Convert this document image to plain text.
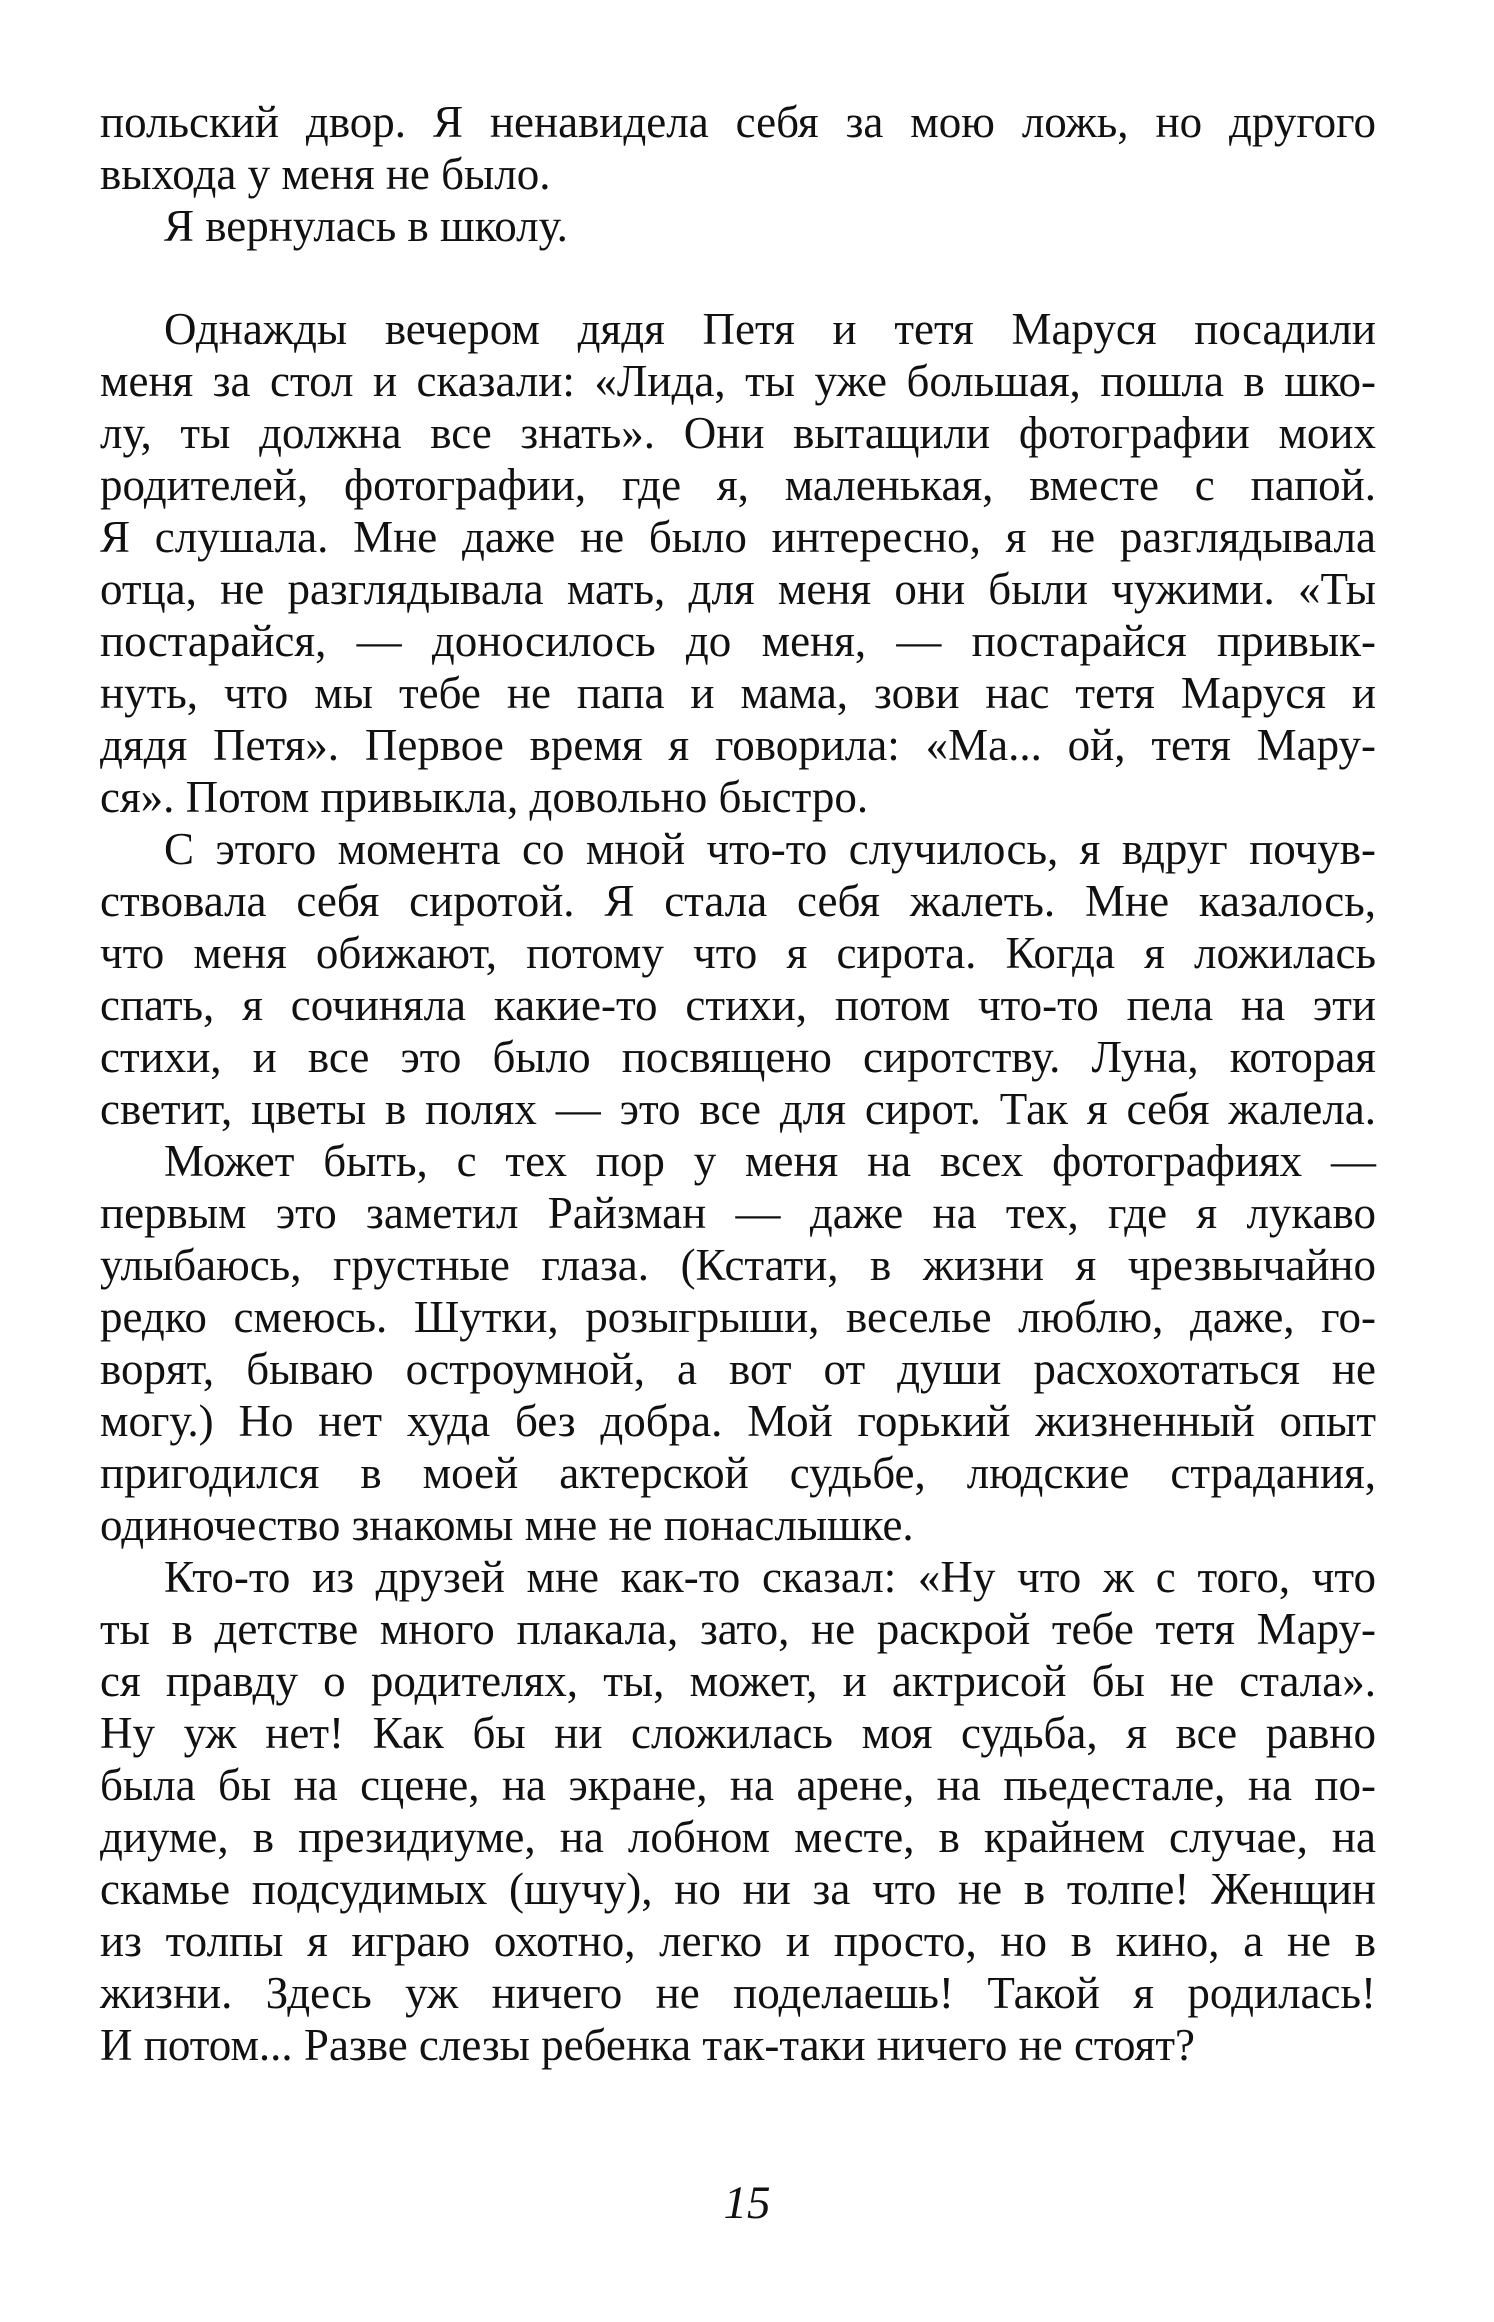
польский двор. Я ненавидела себя за мою ложь, но другого
выхода у меня не было.
Я вернулась в школу.
Однажды вечером дядя Петя и тетя Маруся посадили
меня за стол и сказали: «Лида, ты уже большая, пошла в шко-
лу, ты должна все знать». Они вытащили фотографии моих
родителей, фотографии, где я, маленькая, вместе с папой.
Я слушала. Мне даже не было интересно, я не разглядывала
отца, не разглядывала мать, для меня они были чужими. «Ты
постарайся, — доносилось до меня, — постарайся привык-
нуть, что мы тебе не папа и мама, зови нас тетя Маруся и
дядя Петя». Первое время я говорила: «Ма... ой, тетя Мару-
ся». Потом привыкла, довольно быстро.
С этого момента со мной что-то случилось, я вдруг почув-
ствовала себя сиротой. Я стала себя жалеть. Мне казалось,
что меня обижают, потому что я сирота. Когда я ложилась
спать, я сочиняла какие-то стихи, потом что-то пела на эти
стихи, и все это было посвящено сиротству. Луна, которая
светит, цветы в полях — это все для сирот. Так я себя жалела.
Может быть, с тех пор у меня на всех фотографиях —
первым это заметил Райзман — даже на тех, где я лукаво
улыбаюсь, грустные глаза. (Кстати, в жизни я чрезвычайно
редко смеюсь. Шутки, розыгрыши, веселье люблю, даже, го-
ворят, бываю остроумной, а вот от души расхохотаться не
могу.) Но нет худа без добра. Мой горький жизненный опыт
пригодился в моей актерской судьбе, людские страдания,
одиночество знакомы мне не понаслышке.
Кто-то из друзей мне как-то сказал: «Ну что ж с того, что
ты в детстве много плакала, зато, не раскрой тебе тетя Мару-
ся правду о родителях, ты, может, и актрисой бы не стала».
Ну уж нет! Как бы ни сложилась моя судьба, я все равно
была бы на сцене, на экране, на арене, на пьедестале, на по-
диуме, в президиуме, на лобном месте, в крайнем случае, на
скамье подсудимых (шучу), но ни за что не в толпе! Женщин
из толпы я играю охотно, легко и просто, но в кино, а не в
жизни. Здесь уж ничего не поделаешь! Такой я родилась!
И потом... Разве слезы ребенка так-таки ничего не стоят?
15
